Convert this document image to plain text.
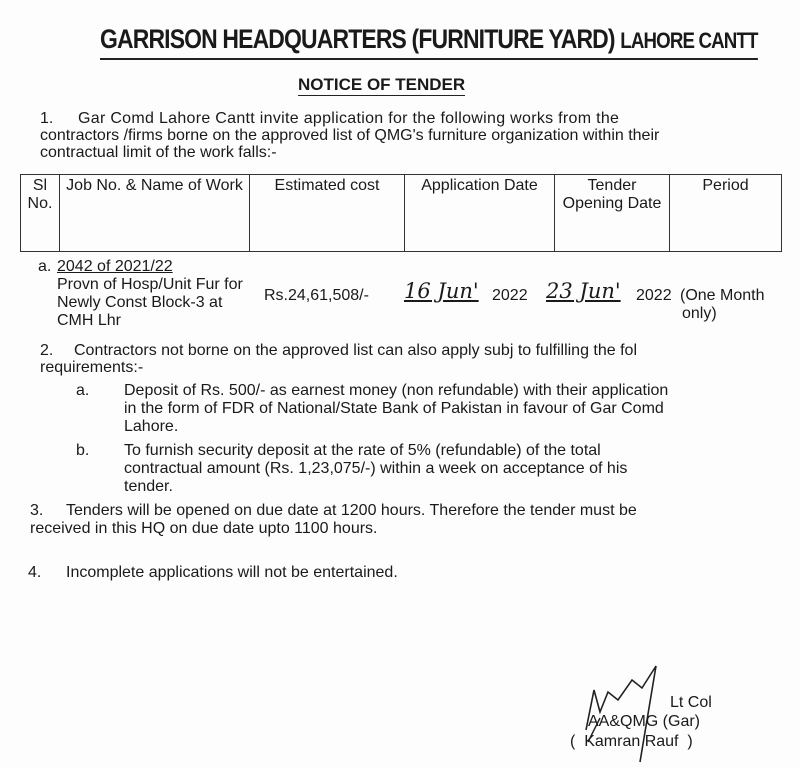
GARRISON HEADQUARTERS (FURNITURE YARD) LAHORE CANTT
NOTICE OF TENDER
1. Gar Comd Lahore Cantt invite application for the following works from the
contractors /firms borne on the approved list of QMG's furniture organization within their
contractual limit of the work falls:-
Sl No.	Job No. & Name of Work	Estimated cost	Application Date	Tender Opening Date	Period
a. 2042 of 2021/22
Provn of Hosp/Unit Fur for
Newly Const Block-3 at
CMH Lhr
Rs.24,61,508/- 16 Jun' 2022 23 Jun' 2022 (One Month
only)
2. Contractors not borne on the approved list can also apply subj to fulfilling the fol
requirements:-
a. Deposit of Rs. 500/- as earnest money (non refundable) with their application
in the form of FDR of National/State Bank of Pakistan in favour of Gar Comd
Lahore.
b. To furnish security deposit at the rate of 5% (refundable) of the total
contractual amount (Rs. 1,23,075/-) within a week on acceptance of his
tender.
3. Tenders will be opened on due date at 1200 hours. Therefore the tender must be
received in this HQ on due date upto 1100 hours.
4. Incomplete applications will not be entertained.
Lt Col
AA&QMG (Gar)
(  Kamran Rauf  )
